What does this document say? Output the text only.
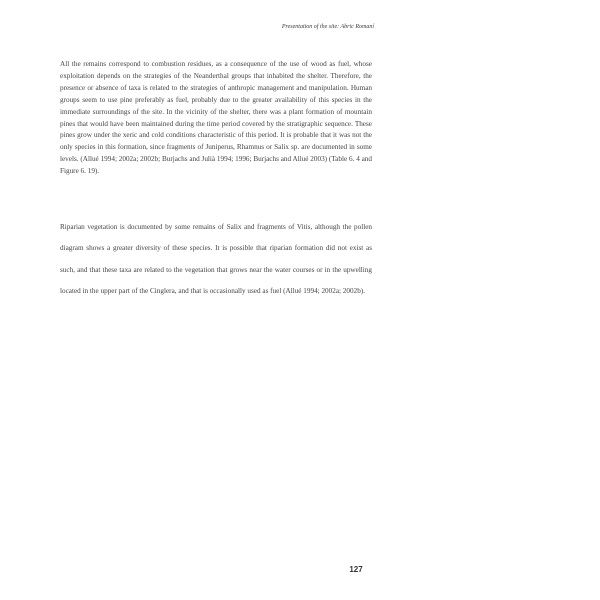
Presentation of the site: Abric Romaní

All the remains correspond to combustion residues, as a consequence of the use of wood as fuel, whose exploitation depends on the strategies of the Neanderthal groups that inhabited the shelter. Therefore, the presence or absence of taxa is related to the strategies of anthropic management and manipulation. Human groups seem to use pine preferably as fuel, probably due to the greater availability of this species in the immediate surroundings of the site. In the vicinity of the shelter, there was a plant formation of mountain pines that would have been maintained during the time period covered by the stratigraphic sequence. These pines grow under the xeric and cold conditions characteristic of this period. It is probable that it was not the only species in this formation, since fragments of Juniperus, Rhamnus or Salix sp. are documented in some levels. (Allué 1994; 2002a; 2002b; Burjachs and Julià 1994; 1996; Burjachs and Allué 2003) (Table 6. 4 and Figure 6. 19).

Riparian vegetation is documented by some remains of Salix and fragments of Vitis, although the pollen diagram shows a greater diversity of these species. It is possible that riparian formation did not exist as such, and that these taxa are related to the vegetation that grows near the water courses or in the upwelling located in the upper part of the Cinglera, and that is occasionally used as fuel (Allué 1994; 2002a; 2002b).

127
